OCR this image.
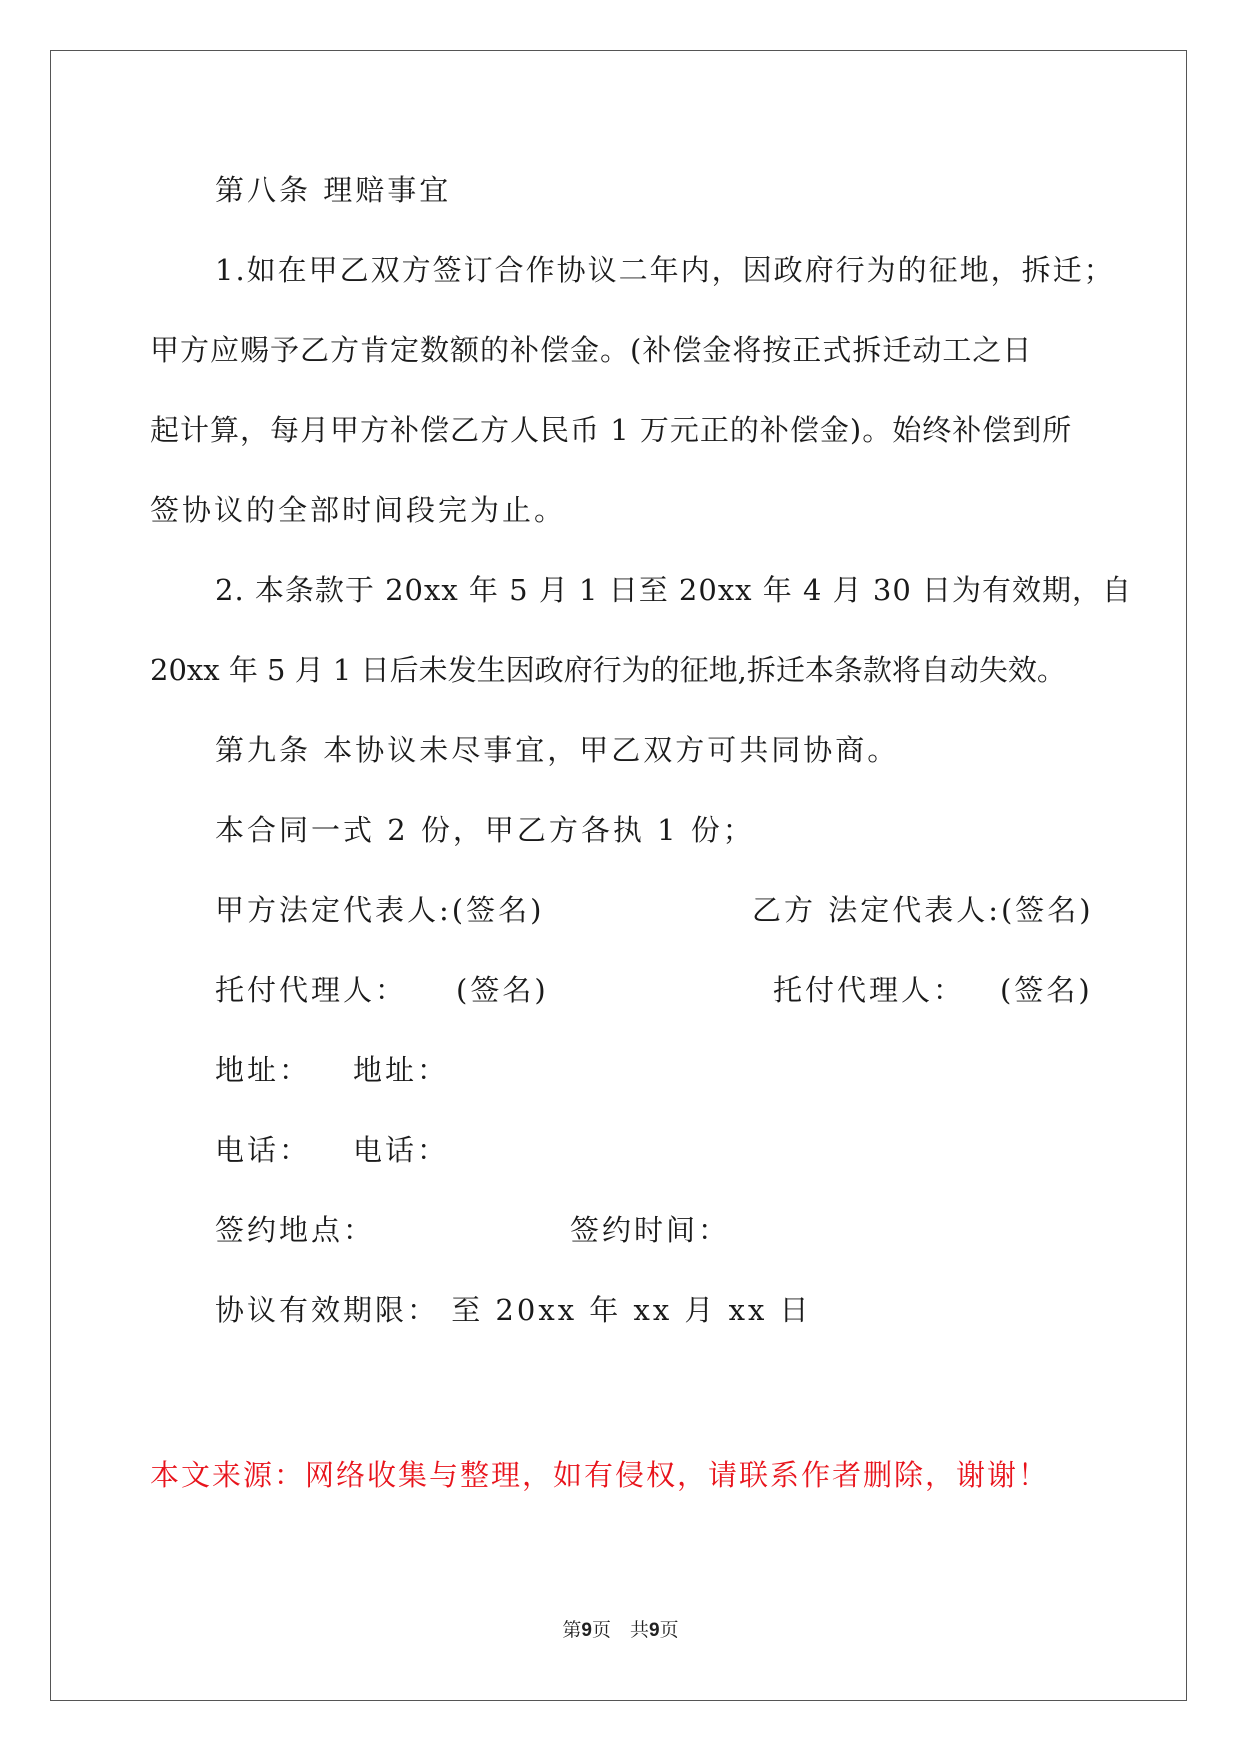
第八条 理赔事宜
1.如在甲乙双方签订合作协议二年内，因政府行为的征地，拆迁；
甲方应赐予乙方肯定数额的补偿金。(补偿金将按正式拆迁动工之日
起计算，每月甲方补偿乙方人民币 1 万元正的补偿金)。始终补偿到所
签协议的全部时间段完为止。
2. 本条款于 20xx 年 5 月 1 日至 20xx 年 4 月 30 日为有效期，自
20xx 年 5 月 1 日后未发生因政府行为的征地,拆迁本条款将自动失效。
第九条 本协议未尽事宜，甲乙双方可共同协商。
本合同一式 2 份，甲乙方各执 1 份；
甲方法定代表人:(签名)	乙方 法定代表人:(签名)
托付代理人： (签名)	托付代理人： (签名)
地址： 地址：
电话： 电话：
签约地点：	签约时间：
协议有效期限： 至 20xx 年 xx 月 xx 日
本文来源：网络收集与整理，如有侵权，请联系作者删除，谢谢！
第9页　共9页
